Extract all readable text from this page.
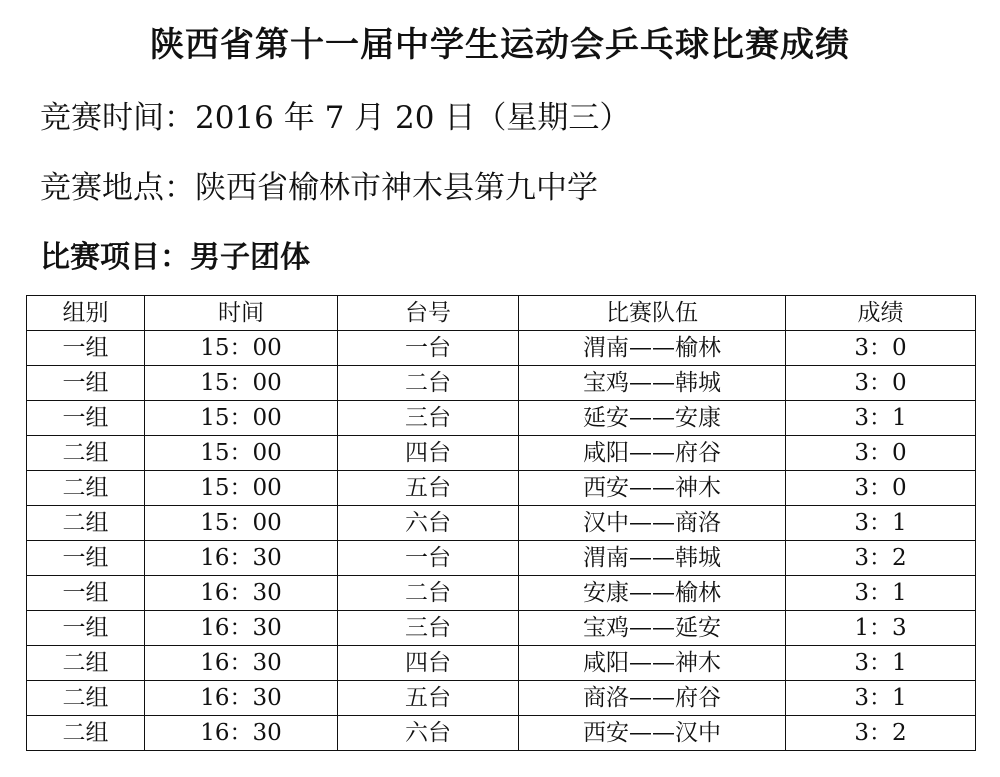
陕西省第十一届中学生运动会乒乓球比赛成绩
竞赛时间：2016 年 7 月 20 日（星期三）
竞赛地点：陕西省榆林市神木县第九中学
比赛项目：男子团体
组别	时间	台号	比赛队伍	成绩
一组	15：00	一台	渭南——榆林	3：0
一组	15：00	二台	宝鸡——韩城	3：0
一组	15：00	三台	延安——安康	3：1
二组	15：00	四台	咸阳——府谷	3：0
二组	15：00	五台	西安——神木	3：0
二组	15：00	六台	汉中——商洛	3：1
一组	16：30	一台	渭南——韩城	3：2
一组	16：30	二台	安康——榆林	3：1
一组	16：30	三台	宝鸡——延安	1：3
二组	16：30	四台	咸阳——神木	3：1
二组	16：30	五台	商洛——府谷	3：1
二组	16：30	六台	西安——汉中	3：2
